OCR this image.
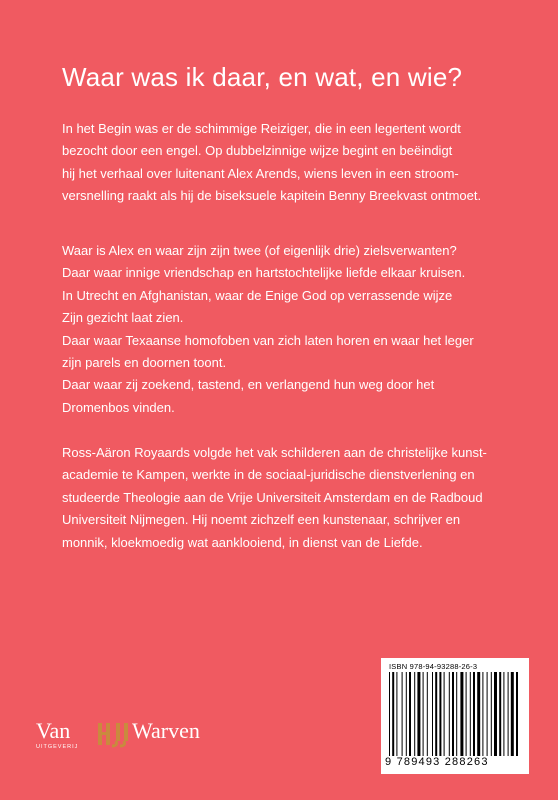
Waar was ik daar, en wat, en wie?

In het Begin was er de schimmige Reiziger, die in een legertent wordt
bezocht door een engel. Op dubbelzinnige wijze begint en beëindigt
hij het verhaal over luitenant Alex Arends, wiens leven in een stroom-
versnelling raakt als hij de biseksuele kapitein Benny Breekvast ontmoet.

Waar is Alex en waar zijn zijn twee (of eigenlijk drie) zielsverwanten?
Daar waar innige vriendschap en hartstochtelijke liefde elkaar kruisen.
In Utrecht en Afghanistan, waar de Enige God op verrassende wijze
Zijn gezicht laat zien.
Daar waar Texaanse homofoben van zich laten horen en waar het leger
zijn parels en doornen toont.
Daar waar zij zoekend, tastend, en verlangend hun weg door het
Dromenbos vinden.

Ross-Aäron Royaards volgde het vak schilderen aan de christelijke kunst-
academie te Kampen, werkte in de sociaal-juridische dienstverlening en
studeerde Theologie aan de Vrije Universiteit Amsterdam en de Radboud
Universiteit Nijmegen. Hij noemt zichzelf een kunstenaar, schrijver en
monnik, kloekmoedig wat aanklooiend, in dienst van de Liefde.

Van	Warven
UITGEVERIJ
ISBN 978-94-93288-26-3
9 789493 288263
